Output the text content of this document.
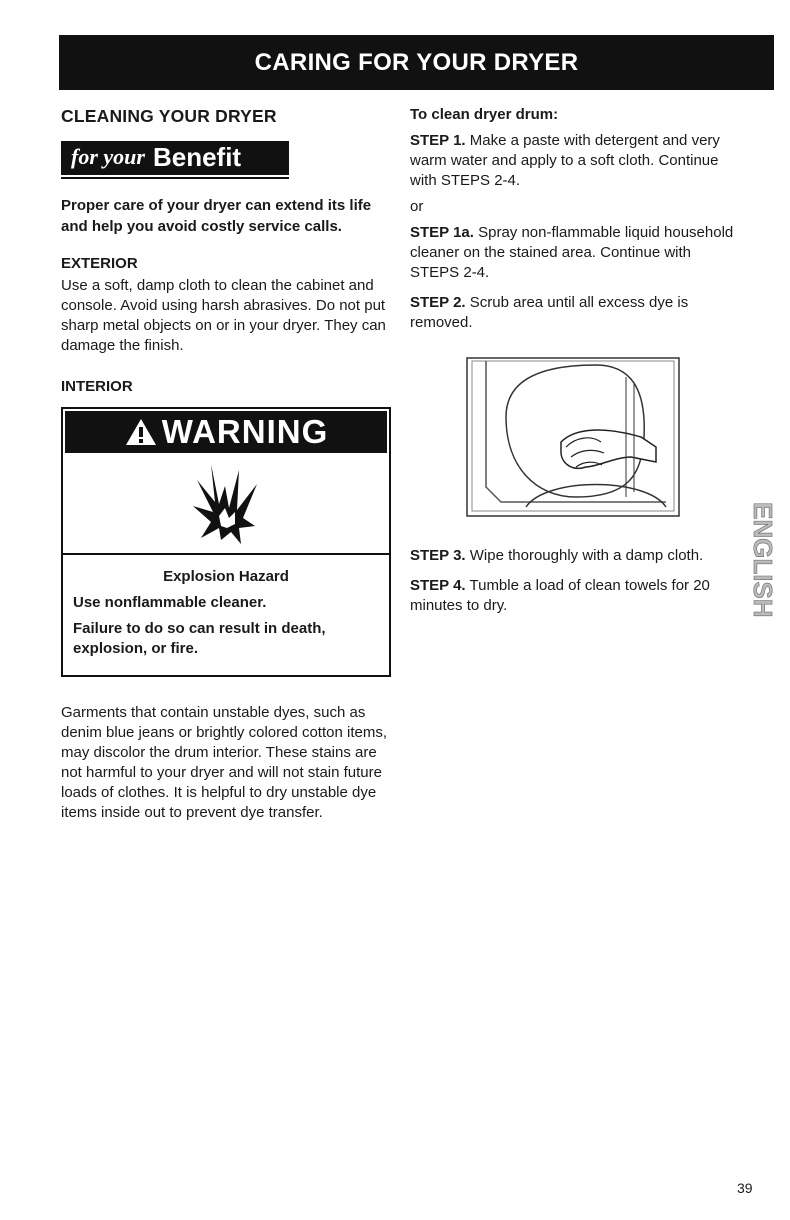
CARING FOR YOUR DRYER
CLEANING YOUR DRYER
for your Benefit

Proper care of your dryer can extend its life and help you avoid costly service calls.

EXTERIOR

Use a soft, damp cloth to clean the cabinet and console. Avoid using harsh abrasives. Do not put sharp metal objects on or in your dryer. They can damage the finish.

INTERIOR
WARNING
Explosion Hazard
Use nonflammable cleaner.
Failure to do so can result in death, explosion, or fire.

Garments that contain unstable dyes, such as denim blue jeans or brightly colored cotton items, may discolor the drum interior. These stains are not harmful to your dryer and will not stain future loads of clothes. It is helpful to dry unstable dye items inside out to prevent dye transfer.

To clean dryer drum:

STEP 1. Make a paste with detergent and very warm water and apply to a soft cloth. Continue with STEPS 2-4.

or

STEP 1a. Spray non-flammable liquid household cleaner on the stained area. Continue with STEPS 2-4.

STEP 2. Scrub area until all excess dye is removed.

STEP 3. Wipe thoroughly with a damp cloth.

STEP 4. Tumble a load of clean towels for 20 minutes to dry.	ENGLISH
39
